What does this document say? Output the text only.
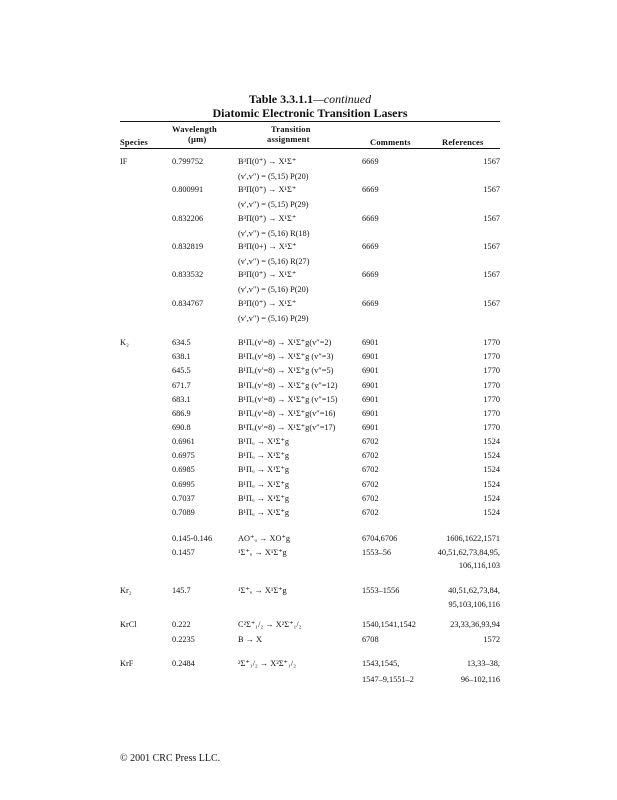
Table 3.3.1.1—continued
Diatomic Electronic Transition Lasers
Wavelength
(µm)
Transition
assignment
Species	Comments	References
IF	0.799752	B³Π(0⁺) → X¹Σ⁺	6669	1567
(v′,v″) = (5,15) P(20)
0.800991	B³Π(0⁺) → X¹Σ⁺	6669	1567
(v′,v″) = (5,15) P(29)
0.832206	B³Π(0⁺) → X¹Σ⁺	6669	1567
(v′,v″) = (5,16) R(18)
0.832819	B³Π(0+) → X¹Σ⁺	6669	1567
(v′,v″) = (5,16) R(27)
0.833532	B³Π(0⁺) → X¹Σ⁺	6669	1567
(v′,v″) = (5,16) P(20)
0.834767	B³Π(0⁺) → X¹Σ⁺	6669	1567
(v′,v″) = (5,16) P(29)
K₂	634.5	B¹Πᵤ(v′=8) → X¹Σ⁺g(v″=2)	6901	1770
638.1	B¹Πᵤ(v′=8) → X¹Σ⁺g (v″=3)	6901	1770
645.5	B¹Πᵤ(v′=8) → X¹Σ⁺g (v″=5)	6901	1770
671.7	B¹Πᵤ(v′=8) → X¹Σ⁺g (v″=12)	6901	1770
683.1	B¹Πᵤ(v′=8) → X¹Σ⁺g (v″=15)	6901	1770
686.9	B¹Πᵤ(v′=8) → X¹Σ⁺g(v″=16)	6901	1770
690.8	B¹Πᵤ(v′=8) → X¹Σ⁺g(v″=17)	6901	1770
0.6961	B¹Πᵤ → X¹Σ⁺g	6702	1524
0.6975	B¹Πᵤ → X¹Σ⁺g	6702	1524
0.6985	B¹Πᵤ → X¹Σ⁺g	6702	1524
0.6995	B¹Πᵤ → X¹Σ⁺g	6702	1524
0.7037	B¹Πᵤ → X¹Σ⁺g	6702	1524
0.7089	B¹Πᵤ → X¹Σ⁺g	6702	1524
0.145-0.146	AO⁺ᵤ → XO⁺g	6704,6706	1606,1622,1571
0.1457	¹Σ⁺ᵤ → X¹Σ⁺g	1553–56	40,51,62,73,84,95,
106,116,103
Kr₂	145.7	¹Σ⁺ᵤ → X¹Σ⁺g	1553–1556	40,51,62,73,84,
95,103,106,116
KrCl	0.222	C²Σ⁺₁/₂ → X²Σ⁺₁/₂	1540,1541,1542	23,33,36,93,94
0.2235	B → X	6708	1572
KrF	0.2484	²Σ⁺₁/₂ → X²Σ⁺₁/₂	1543,1545,	13,33–38,
1547–9,1551–2	96–102,116
© 2001 CRC Press LLC.
